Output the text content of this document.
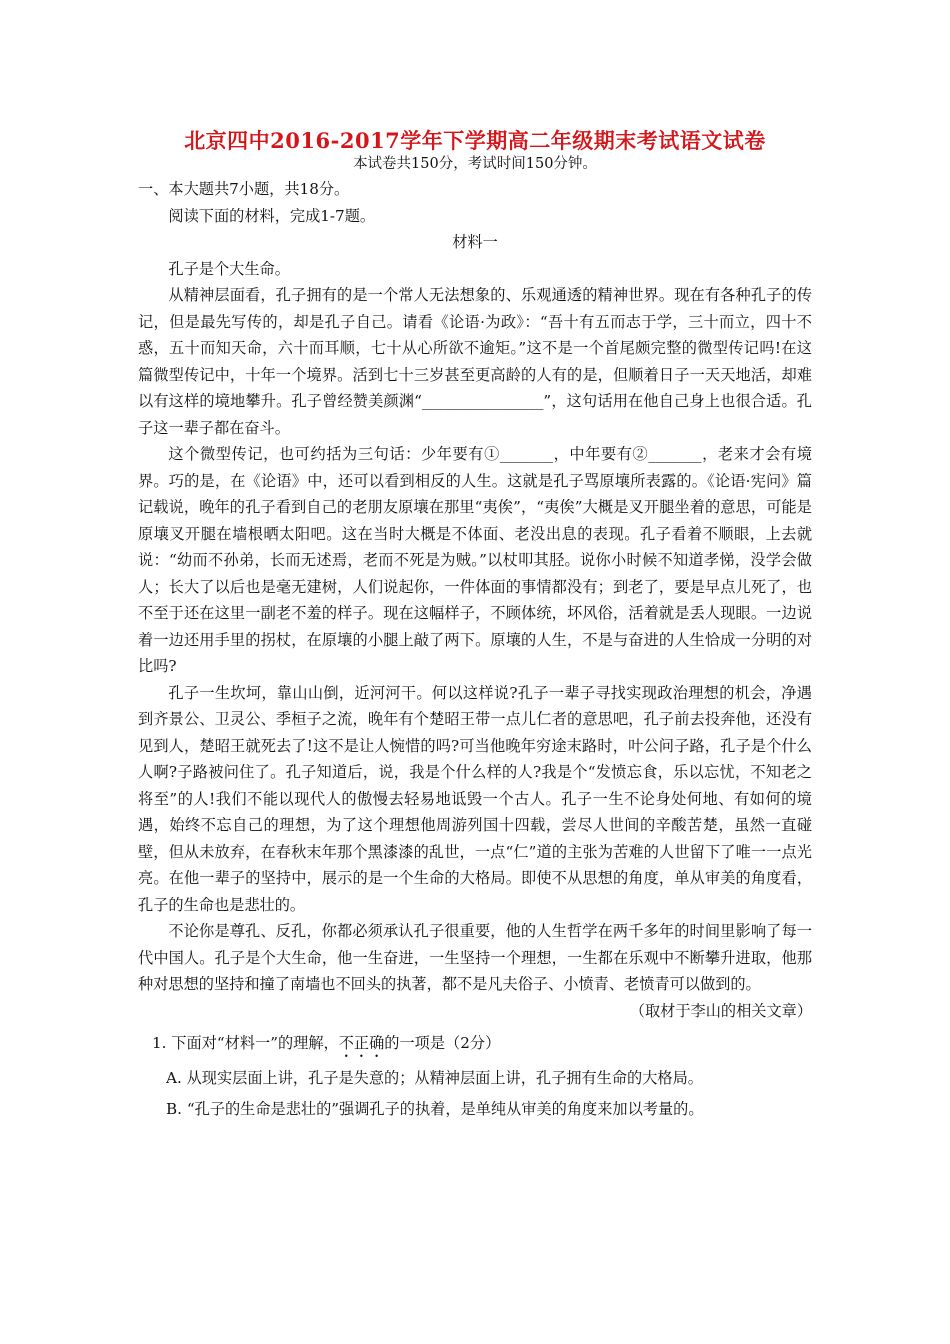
北京四中2016-2017学年下学期高二年级期末考试语文试卷

本试卷共150分，考试时间150分钟。

一、本大题共7小题，共18分。

阅读下面的材料，完成1-7题。

材料一

孔子是个大生命。

从精神层面看，孔子拥有的是一个常人无法想象的、乐观通透的精神世界。现在有各种孔子的传记，但是最先写传的，却是孔子自己。请看《论语·为政》：“吾十有五而志于学，三十而立，四十不惑，五十而知天命，六十而耳顺，七十从心所欲不逾矩。”这不是一个首尾颇完整的微型传记吗!在这篇微型传记中，十年一个境界。活到七十三岁甚至更高龄的人有的是，但顺着日子一天天地活，却难以有这样的境地攀升。孔子曾经赞美颜渊“________________”，这句话用在他自己身上也很合适。孔子这一辈子都在奋斗。

这个微型传记，也可约括为三句话：少年要有①_______，中年要有②_______，老来才会有境界。巧的是，在《论语》中，还可以看到相反的人生。这就是孔子骂原壤所表露的。《论语·宪问》篇记载说，晚年的孔子看到自己的老朋友原壤在那里“夷俟”，“夷俟”大概是叉开腿坐着的意思，可能是原壤叉开腿在墙根晒太阳吧。这在当时大概是不体面、老没出息的表现。孔子看着不顺眼，上去就说：“幼而不孙弟，长而无述焉，老而不死是为贼。”以杖叩其胫。说你小时候不知道孝悌，没学会做人；长大了以后也是毫无建树，人们说起你，一件体面的事情都没有；到老了，要是早点儿死了，也不至于还在这里一副老不羞的样子。现在这幅样子，不顾体统，坏风俗，活着就是丢人现眼。一边说着一边还用手里的拐杖，在原壤的小腿上敲了两下。原壤的人生，不是与奋进的人生恰成一分明的对比吗?

孔子一生坎坷，靠山山倒，近河河干。何以这样说?孔子一辈子寻找实现政治理想的机会，净遇到齐景公、卫灵公、季桓子之流，晚年有个楚昭王带一点儿仁者的意思吧，孔子前去投奔他，还没有见到人，楚昭王就死去了!这不是让人惋惜的吗?可当他晚年穷途末路时，叶公问子路，孔子是个什么人啊?子路被问住了。孔子知道后，说，我是个什么样的人?我是个“发愤忘食，乐以忘忧，不知老之将至”的人!我们不能以现代人的傲慢去轻易地诋毁一个古人。孔子一生不论身处何地、有如何的境遇，始终不忘自己的理想，为了这个理想他周游列国十四载，尝尽人世间的辛酸苦楚，虽然一直碰壁，但从未放弃，在春秋末年那个黑漆漆的乱世，一点“仁”道的主张为苦难的人世留下了唯一一点光亮。在他一辈子的坚持中，展示的是一个生命的大格局。即使不从思想的角度，单从审美的角度看，孔子的生命也是悲壮的。

不论你是尊孔、反孔，你都必须承认孔子很重要，他的人生哲学在两千多年的时间里影响了每一代中国人。孔子是个大生命，他一生奋进，一生坚持一个理想，一生都在乐观中不断攀升进取，他那种对思想的坚持和撞了南墙也不回头的执著，都不是凡夫俗子、小愤青、老愤青可以做到的。

（取材于李山的相关文章）

1. 下面对“材料一”的理解，不正确的一项是（2分）

A. 从现实层面上讲，孔子是失意的；从精神层面上讲，孔子拥有生命的大格局。

B. “孔子的生命是悲壮的”强调孔子的执着，是单纯从审美的角度来加以考量的。
